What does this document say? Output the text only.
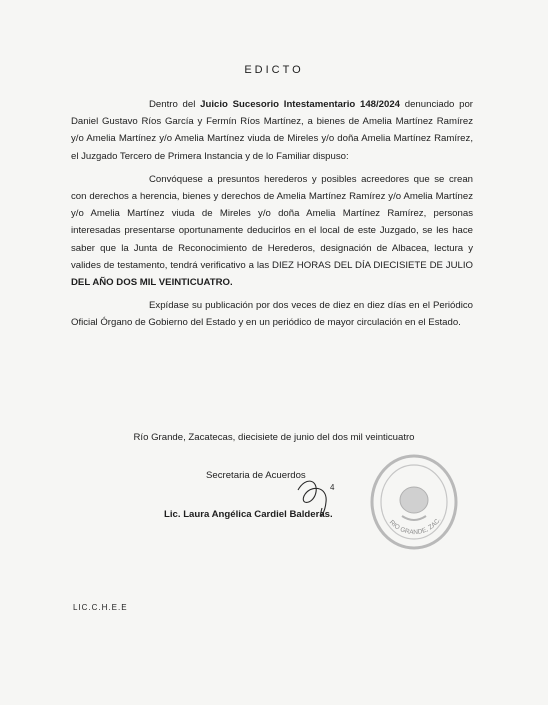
EDICTO

Dentro del Juicio Sucesorio Intestamentario 148/2024 denunciado por Daniel Gustavo Ríos García y Fermín Ríos Martínez, a bienes de Amelia Martínez Ramírez y/o Amelia Martínez y/o Amelia Martínez viuda de Mireles y/o doña Amelia Martínez Ramírez, el Juzgado Tercero de Primera Instancia y de lo Familiar dispuso:

Convóquese a presuntos herederos y posibles acreedores que se crean con derechos a herencia, bienes y derechos de Amelia Martínez Ramírez y/o Amelia Martínez y/o Amelia Martínez viuda de Mireles y/o doña Amelia Martínez Ramírez, personas interesadas presentarse oportunamente deducirlos en el local de este Juzgado, se les hace saber que la Junta de Reconocimiento de Herederos, designación de Albacea, lectura y valides de testamento, tendrá verificativo a las DIEZ HORAS DEL DÍA DIECISIETE DE JULIO DEL AÑO DOS MIL VEINTICUATRO.

Expídase su publicación por dos veces de diez en diez días en el Periódico Oficial Órgano de Gobierno del Estado y en un periódico de mayor circulación en el Estado.

Río Grande, Zacatecas, diecisiete de junio del dos mil veinticuatro
Secretaria de Acuerdos
4
RIO GRANDE, ZAC.
Lic. Laura Angélica Cardiel Balderas.
LIC.C.H.E.E
